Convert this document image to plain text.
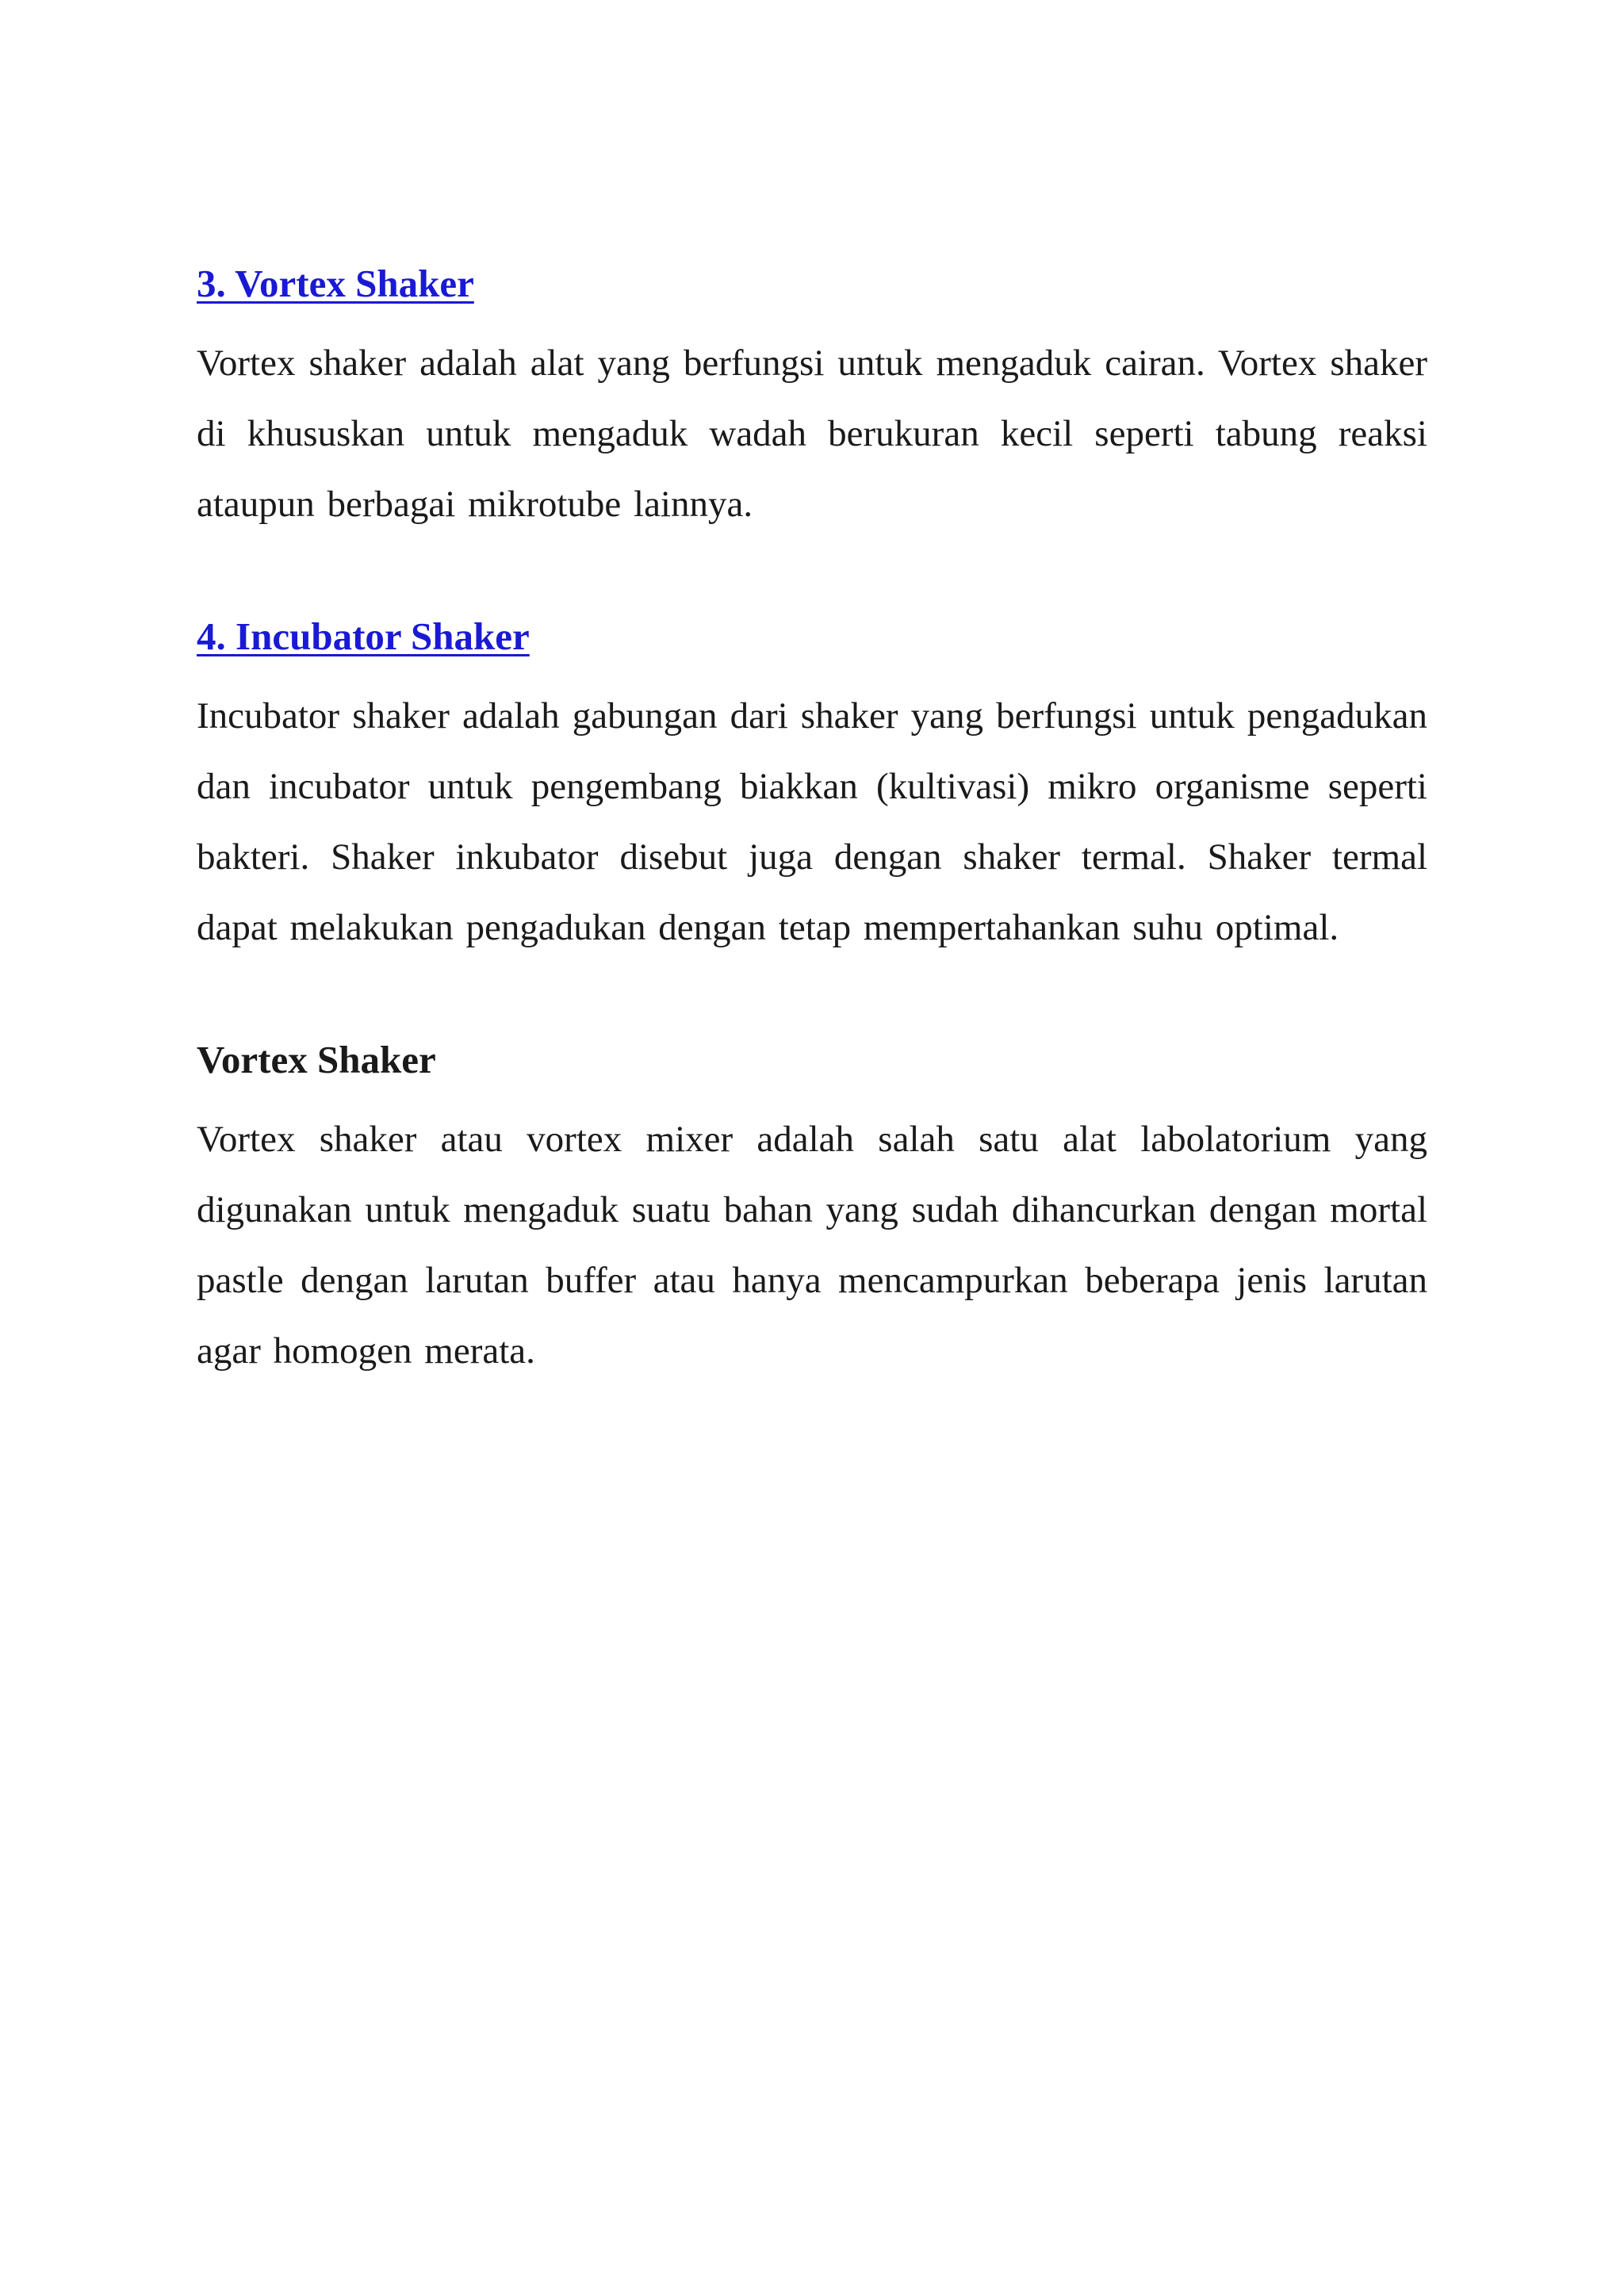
3. Vortex Shaker

Vortex shaker adalah alat yang berfungsi untuk mengaduk cairan. Vortex shaker di khususkan untuk mengaduk wadah berukuran kecil seperti tabung reaksi ataupun berbagai mikrotube lainnya.

4. Incubator Shaker

Incubator shaker adalah gabungan dari shaker yang berfungsi untuk pengadukan dan incubator untuk pengembang biakkan (kultivasi) mikro organisme seperti bakteri. Shaker inkubator disebut juga dengan shaker termal. Shaker termal dapat melakukan pengadukan dengan tetap mempertahankan suhu optimal.

Vortex Shaker

Vortex shaker atau vortex mixer adalah salah satu alat labolatorium yang digunakan untuk mengaduk suatu bahan yang sudah dihancurkan dengan mortal pastle dengan larutan buffer atau hanya mencampurkan beberapa jenis larutan agar homogen merata.
